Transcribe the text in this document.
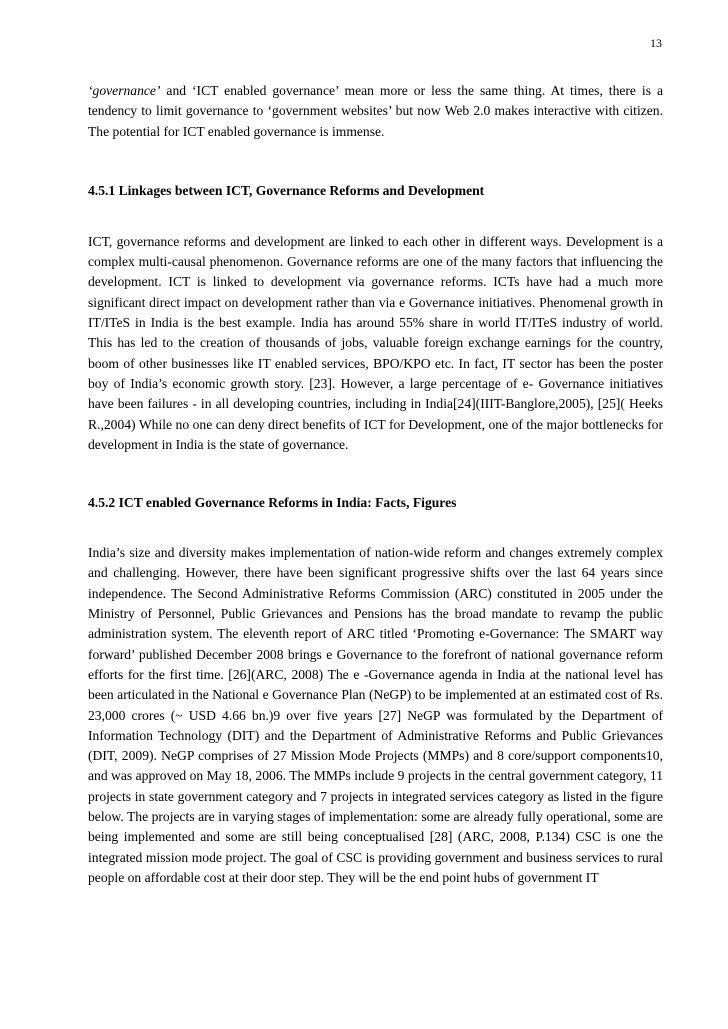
13

‘governance’ and ‘ICT enabled governance’ mean more or less the same thing. At times, there is a tendency to limit governance to ‘government websites’ but now Web 2.0 makes interactive with citizen. The potential for ICT enabled governance is immense.

4.5.1 Linkages between ICT, Governance Reforms and Development

ICT, governance reforms and development are linked to each other in different ways. Development is a complex multi-causal phenomenon. Governance reforms are one of the many factors that influencing the development. ICT is linked to development via governance reforms. ICTs have had a much more significant direct impact on development rather than via e Governance initiatives. Phenomenal growth in IT/ITeS in India is the best example. India has around 55% share in world IT/ITeS industry of world. This has led to the creation of thousands of jobs, valuable foreign exchange earnings for the country, boom of other businesses like IT enabled services, BPO/KPO etc. In fact, IT sector has been the poster boy of India’s economic growth story. [23]. However, a large percentage of e- Governance initiatives have been failures - in all developing countries, including in India[24](IIIT-Banglore,2005), [25]( Heeks R.,2004) While no one can deny direct benefits of ICT for Development, one of the major bottlenecks for development in India is the state of governance.

4.5.2 ICT enabled Governance Reforms in India: Facts, Figures

India’s size and diversity makes implementation of nation-wide reform and changes extremely complex and challenging. However, there have been significant progressive shifts over the last 64 years since independence. The Second Administrative Reforms Commission (ARC) constituted in 2005 under the Ministry of Personnel, Public Grievances and Pensions has the broad mandate to revamp the public administration system. The eleventh report of ARC titled ‘Promoting e-Governance: The SMART way forward’ published December 2008 brings e Governance to the forefront of national governance reform efforts for the first time. [26](ARC, 2008) The e -Governance agenda in India at the national level has been articulated in the National e Governance Plan (NeGP) to be implemented at an estimated cost of Rs. 23,000 crores (~ USD 4.66 bn.)9 over five years [27] NeGP was formulated by the Department of Information Technology (DIT) and the Department of Administrative Reforms and Public Grievances (DIT, 2009). NeGP comprises of 27 Mission Mode Projects (MMPs) and 8 core/support components10, and was approved on May 18, 2006. The MMPs include 9 projects in the central government category, 11 projects in state government category and 7 projects in integrated services category as listed in the figure below. The projects are in varying stages of implementation: some are already fully operational, some are being implemented and some are still being conceptualised [28] (ARC, 2008, P.134) CSC is one the integrated mission mode project. The goal of CSC is providing government and business services to rural people on affordable cost at their door step. They will be the end point hubs of government IT
